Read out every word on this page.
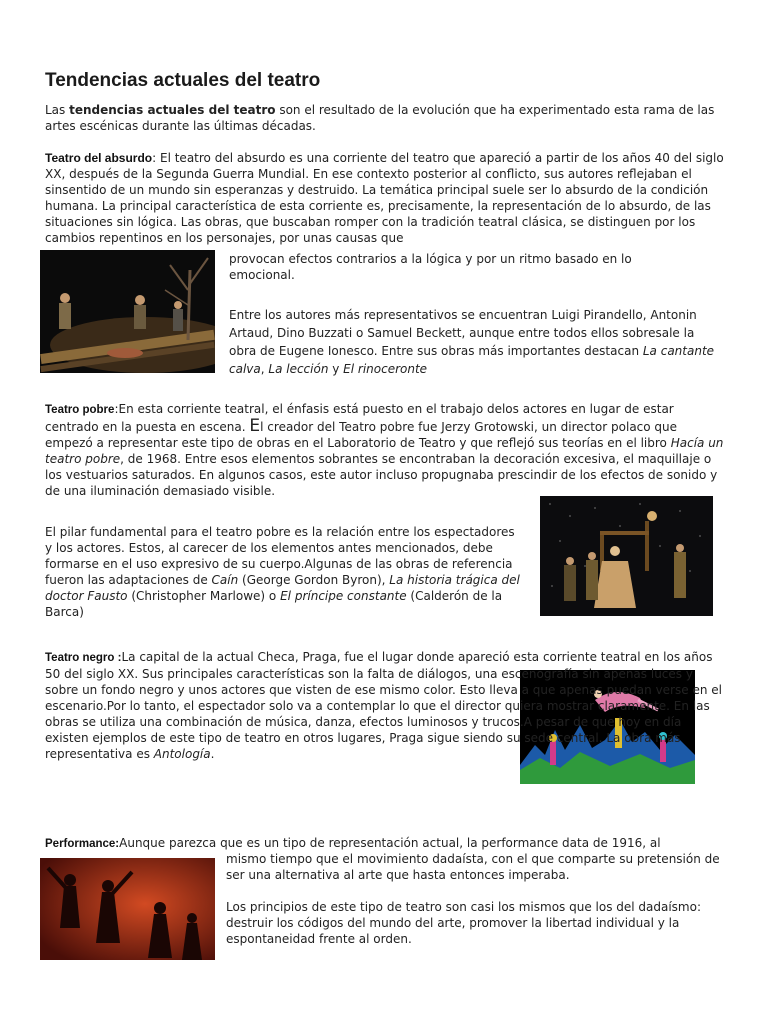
Tendencias actuales del teatro

Las tendencias actuales del teatro son el resultado de la evolución que ha experimentado esta rama de las artes escénicas durante las últimas décadas.

Teatro del absurdo: El teatro del absurdo es una corriente del teatro que apareció a partir de los años 40 del siglo XX, después de la Segunda Guerra Mundial. En ese contexto posterior al conflicto, sus autores reflejaban el sinsentido de un mundo sin esperanzas y destruido. La temática principal suele ser lo absurdo de la condición humana. La principal característica de esta corriente es, precisamente, la representación de lo absurdo, de las situaciones sin lógica. Las obras, que buscaban romper con la tradición teatral clásica, se distinguen por los cambios repentinos en los personajes, por unas causas que

provocan efectos contrarios a la lógica y por un ritmo basado en lo emocional.

Entre los autores más representativos se encuentran Luigi Pirandello, Antonin Artaud, Dino Buzzati o Samuel Beckett, aunque entre todos ellos sobresale la obra de Eugene Ionesco. Entre sus obras más importantes destacan La cantante calva, La lección y El rinoceronte

Teatro pobre:En esta corriente teatral, el énfasis está puesto en el trabajo delos actores en lugar de estar centrado en la puesta en escena. El creador del Teatro pobre fue Jerzy Grotowski, un director polaco que empezó a representar este tipo de obras en el Laboratorio de Teatro y que reflejó sus teorías en el libro Hacía un teatro pobre, de 1968. Entre esos elementos sobrantes se encontraban la decoración excesiva, el maquillaje o los vestuarios saturados. En algunos casos, este autor incluso propugnaba prescindir de los efectos de sonido y de una iluminación demasiado visible.

El pilar fundamental para el teatro pobre es la relación entre los espectadores y los actores. Estos, al carecer de los elementos antes mencionados, debe formarse en el uso expresivo de su cuerpo.Algunas de las obras de referencia fueron las adaptaciones de Caín (George Gordon Byron), La historia trágica del doctor Fausto (Christopher Marlowe) o El príncipe constante (Calderón de la Barca)

Teatro negro :La capital de la actual Checa, Praga, fue el lugar donde apareció esta corriente teatral en los años 50 del siglo XX. Sus principales características son la falta de diálogos, una escenografía sin apenas luces y sobre un fondo negro y unos actores que visten de ese mismo color. Esto lleva a que apenas puedan verse en el escenario.Por lo tanto, el espectador solo va a contemplar lo que el director quiera mostrar claramente. En las obras se utiliza una combinación de música, danza, efectos luminosos y trucos.A pesar de que hoy en día existen ejemplos de este tipo de teatro en otros lugares, Praga sigue siendo su sede central. La obra más representativa es Antología.

Performance:Aunque parezca que es un tipo de representación actual, la performance data de 1916, al

mismo tiempo que el movimiento dadaísta, con el que comparte su pretensión de ser una alternativa al arte que hasta entonces imperaba.

Los principios de este tipo de teatro son casi los mismos que los del dadaísmo: destruir los códigos del mundo del arte, promover la libertad individual y la espontaneidad frente al orden.
